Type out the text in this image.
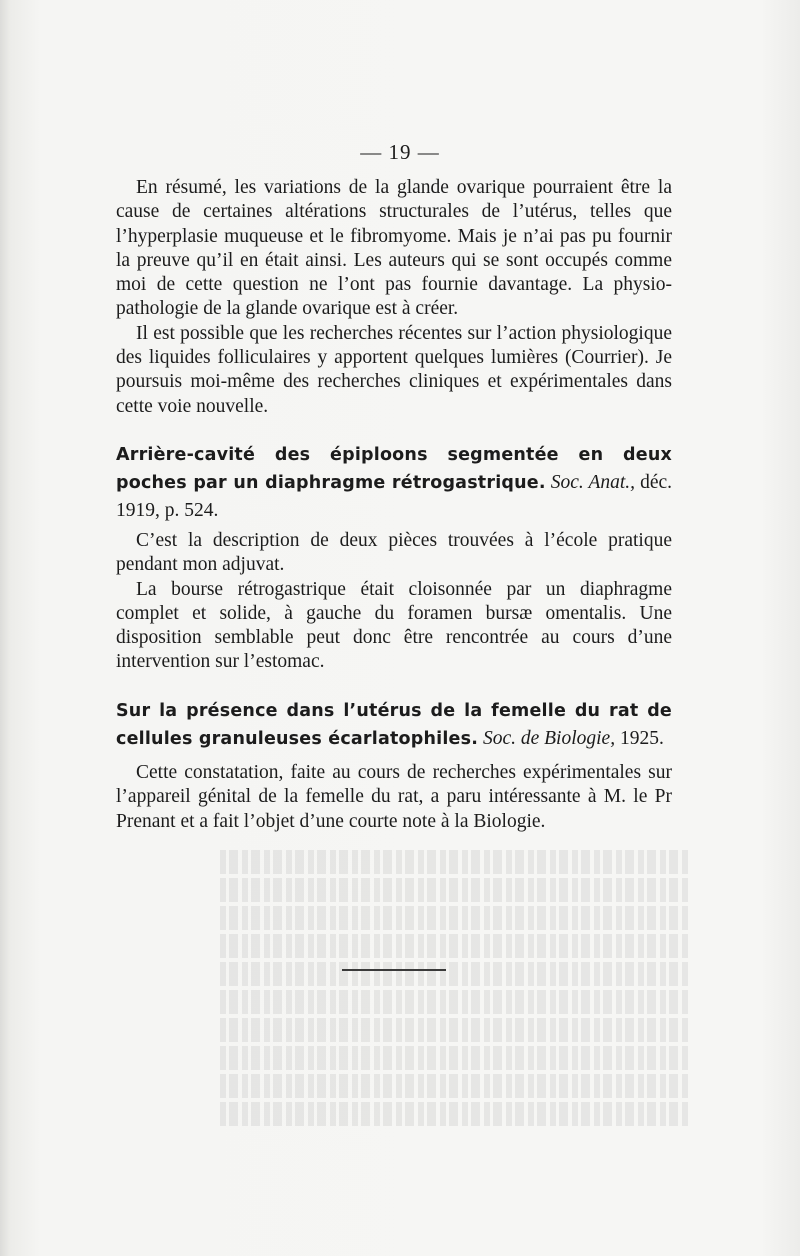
— 19 —

En résumé, les variations de la glande ovarique pourraient être la cause de certaines altérations structurales de l’utérus, telles que l’hyperplasie muqueuse et le fibromyome. Mais je n’ai pas pu fournir la preuve qu’il en était ainsi. Les auteurs qui se sont occupés comme moi de cette question ne l’ont pas fournie davantage. La physio-pathologie de la glande ovarique est à créer.

Il est possible que les recherches récentes sur l’action physiologique des liquides folliculaires y apportent quelques lumières (Courrier). Je poursuis moi-même des recherches cliniques et expérimentales dans cette voie nouvelle.

Arrière-cavité des épiploons segmentée en deux poches par un diaphragme rétrogastrique. Soc. Anat., déc. 1919, p. 524.

C’est la description de deux pièces trouvées à l’école pratique pendant mon adjuvat.

La bourse rétrogastrique était cloisonnée par un diaphragme complet et solide, à gauche du foramen bursæ omentalis. Une disposition semblable peut donc être rencontrée au cours d’une intervention sur l’estomac.

Sur la présence dans l’utérus de la femelle du rat de cellules granuleuses écarlatophiles. Soc. de Biologie, 1925.

Cette constatation, faite au cours de recherches expérimentales sur l’appareil génital de la femelle du rat, a paru intéressante à M. le Pr Prenant et a fait l’objet d’une courte note à la Biologie.
